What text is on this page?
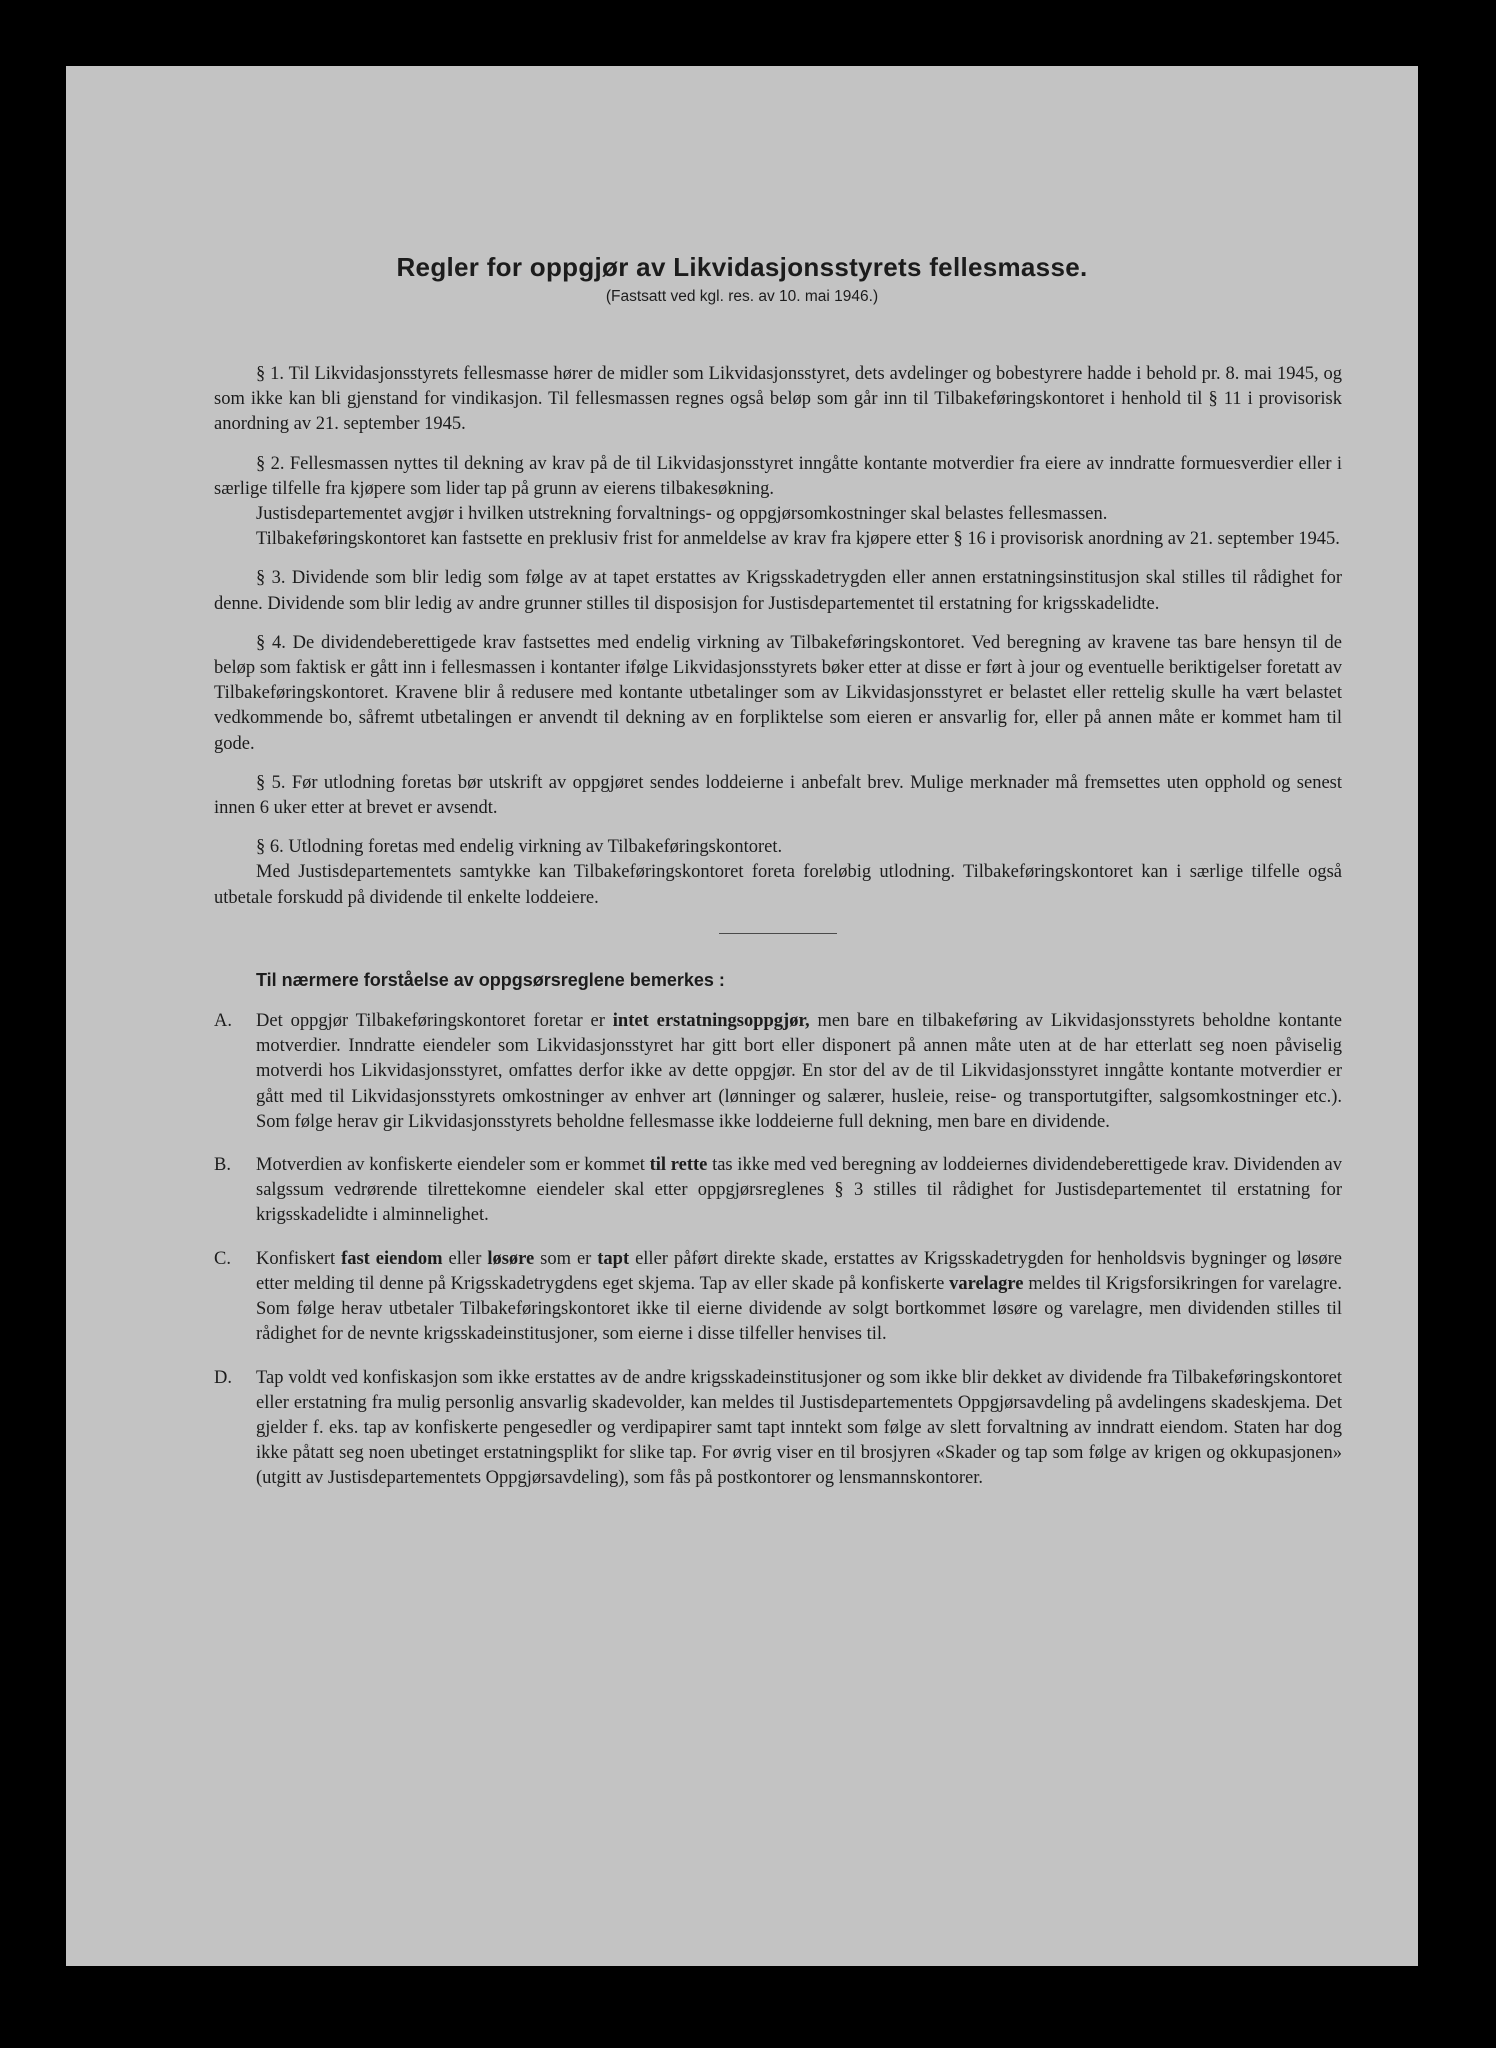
Regler for oppgjør av Likvidasjonsstyrets fellesmasse.
(Fastsatt ved kgl. res. av 10. mai 1946.)

§ 1. Til Likvidasjonsstyrets fellesmasse hører de midler som Likvidasjonsstyret, dets avdelinger og bobestyrere hadde i behold pr. 8. mai 1945, og som ikke kan bli gjenstand for vindikasjon. Til fellesmassen regnes også beløp som går inn til Tilbakeføringskontoret i henhold til § 11 i provisorisk anordning av 21. september 1945.

§ 2. Fellesmassen nyttes til dekning av krav på de til Likvidasjonsstyret inngåtte kontante motverdier fra eiere av inndratte formuesverdier eller i særlige tilfelle fra kjøpere som lider tap på grunn av eierens tilbakesøkning.

Justisdepartementet avgjør i hvilken utstrekning forvaltnings- og oppgjørsomkostninger skal belastes fellesmassen.

Tilbakeføringskontoret kan fastsette en preklusiv frist for anmeldelse av krav fra kjøpere etter § 16 i provisorisk anordning av 21. september 1945.

§ 3. Dividende som blir ledig som følge av at tapet erstattes av Krigsskadetrygden eller annen erstatningsinstitusjon skal stilles til rådighet for denne. Dividende som blir ledig av andre grunner stilles til disposisjon for Justisdepartementet til erstatning for krigsskadelidte.

§ 4. De dividendeberettigede krav fastsettes med endelig virkning av Tilbakeføringskontoret. Ved beregning av kravene tas bare hensyn til de beløp som faktisk er gått inn i fellesmassen i kontanter ifølge Likvidasjonsstyrets bøker etter at disse er ført à jour og eventuelle beriktigelser foretatt av Tilbakeføringskontoret. Kravene blir å redusere med kontante utbetalinger som av Likvidasjonsstyret er belastet eller rettelig skulle ha vært belastet vedkommende bo, såfremt utbetalingen er anvendt til dekning av en forpliktelse som eieren er ansvarlig for, eller på annen måte er kommet ham til gode.

§ 5. Før utlodning foretas bør utskrift av oppgjøret sendes loddeierne i anbefalt brev. Mulige merknader må fremsettes uten opphold og senest innen 6 uker etter at brevet er avsendt.

§ 6. Utlodning foretas med endelig virkning av Tilbakeføringskontoret.

Med Justisdepartementets samtykke kan Tilbakeføringskontoret foreta foreløbig utlodning. Tilbakeføringskontoret kan i særlige tilfelle også utbetale forskudd på dividende til enkelte loddeiere.

Til nærmere forståelse av oppgsørsreglene bemerkes :
A.	Det oppgjør Tilbakeføringskontoret foretar er intet erstatningsoppgjør, men bare en tilbakeføring av Likvidasjonsstyrets beholdne kontante motverdier. Inndratte eiendeler som Likvidasjonsstyret har gitt bort eller disponert på annen måte uten at de har etterlatt seg noen påviselig motverdi hos Likvidasjonsstyret, omfattes derfor ikke av dette oppgjør. En stor del av de til Likvidasjonsstyret inngåtte kontante motverdier er gått med til Likvidasjonsstyrets omkostninger av enhver art (lønninger og salærer, husleie, reise- og transportutgifter, salgsomkostninger etc.). Som følge herav gir Likvidasjonsstyrets beholdne fellesmasse ikke loddeierne full dekning, men bare en dividende.
B.	Motverdien av konfiskerte eiendeler som er kommet til rette tas ikke med ved beregning av loddeiernes dividendeberettigede krav. Dividenden av salgssum vedrørende tilrettekomne eiendeler skal etter oppgjørsreglenes § 3 stilles til rådighet for Justisdepartementet til erstatning for krigsskadelidte i alminnelighet.
C.	Konfiskert fast eiendom eller løsøre som er tapt eller påført direkte skade, erstattes av Krigsskadetrygden for henholdsvis bygninger og løsøre etter melding til denne på Krigsskadetrygdens eget skjema. Tap av eller skade på konfiskerte varelagre meldes til Krigsforsikringen for varelagre. Som følge herav utbetaler Tilbakeføringskontoret ikke til eierne dividende av solgt bortkommet løsøre og varelagre, men dividenden stilles til rådighet for de nevnte krigsskadeinstitusjoner, som eierne i disse tilfeller henvises til.
D.	Tap voldt ved konfiskasjon som ikke erstattes av de andre krigsskadeinstitusjoner og som ikke blir dekket av dividende fra Tilbakeføringskontoret eller erstatning fra mulig personlig ansvarlig skadevolder, kan meldes til Justisdepartementets Oppgjørsavdeling på avdelingens skadeskjema. Det gjelder f. eks. tap av konfiskerte pengesedler og verdipapirer samt tapt inntekt som følge av slett forvaltning av inndratt eiendom. Staten har dog ikke påtatt seg noen ubetinget erstatningsplikt for slike tap. For øvrig viser en til brosjyren «Skader og tap som følge av krigen og okkupasjonen» (utgitt av Justisdepartementets Oppgjørsavdeling), som fås på postkontorer og lensmannskontorer.
